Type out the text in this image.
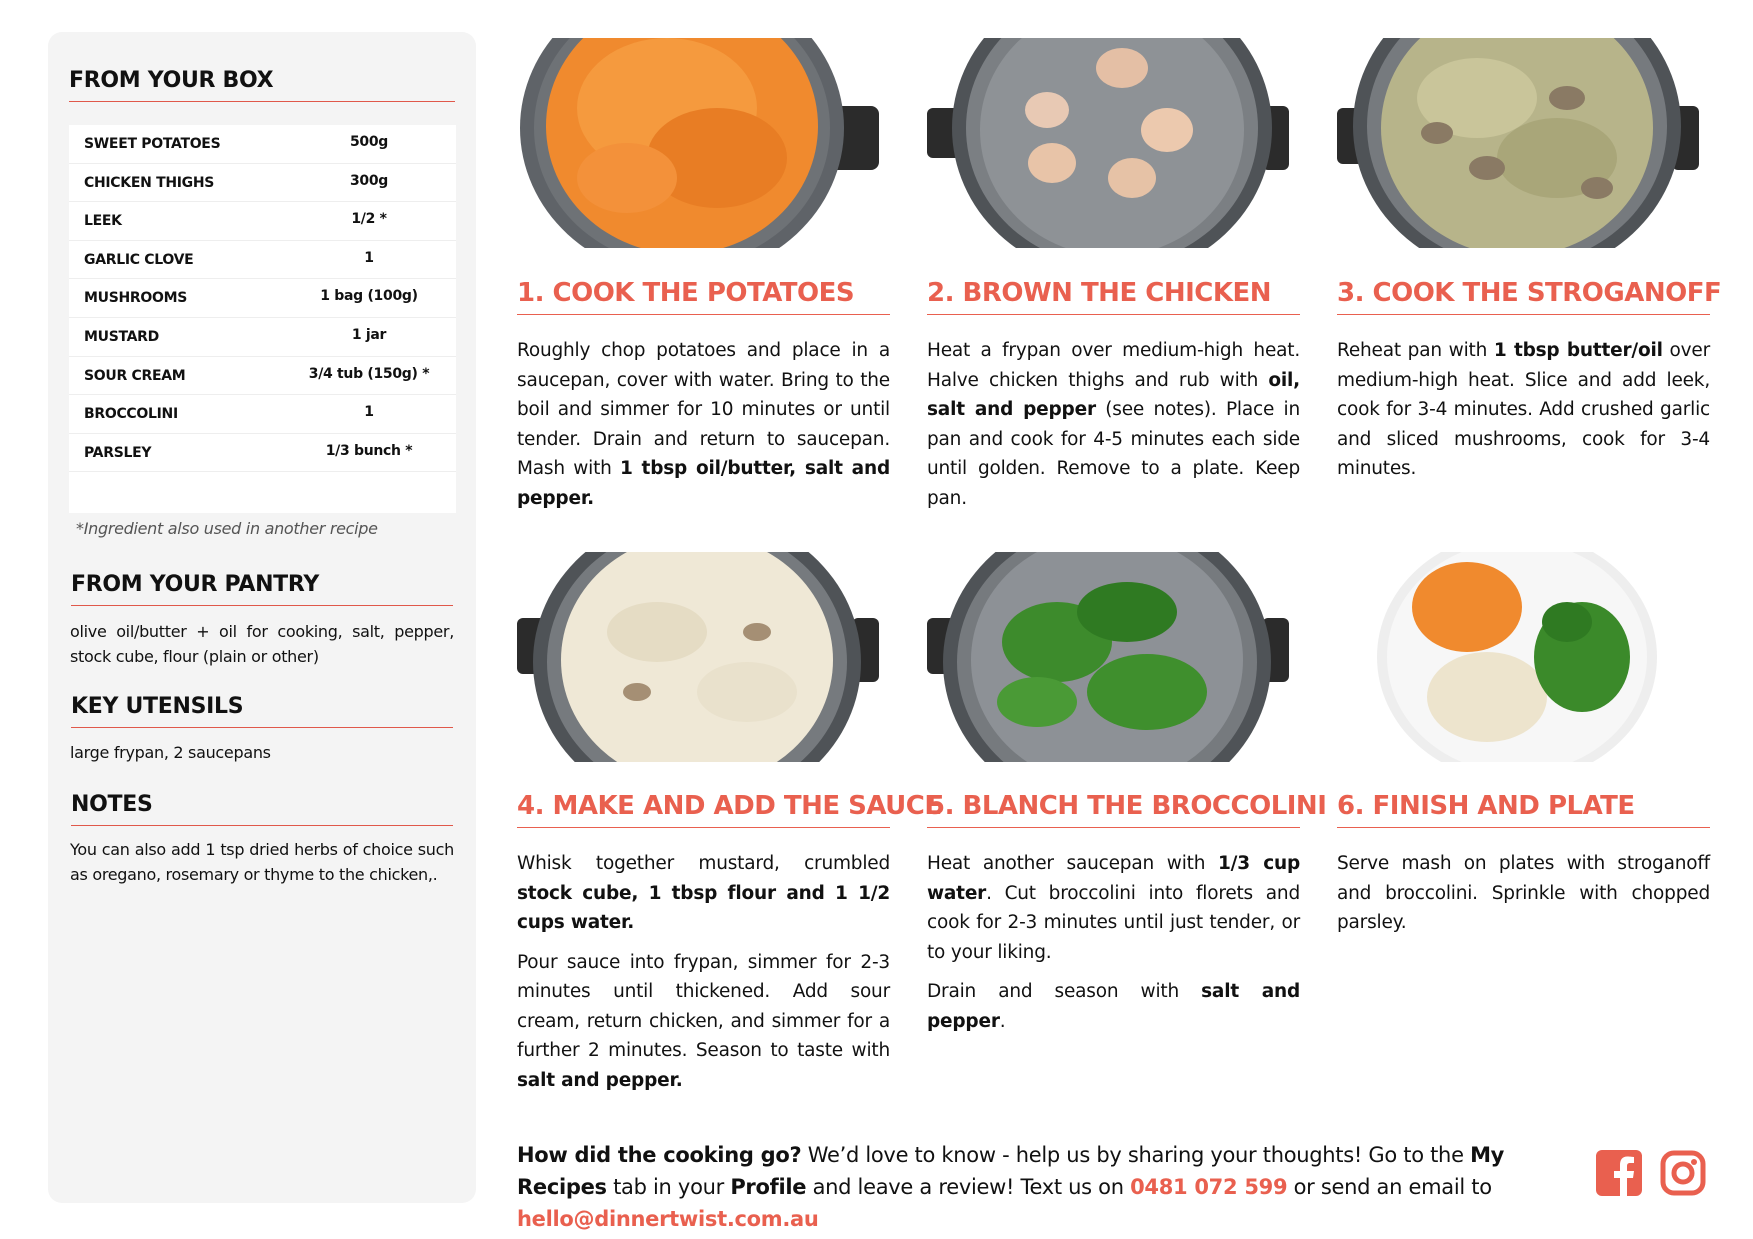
FROM YOUR BOX
SWEET POTATOES	500g
CHICKEN THIGHS	300g
LEEK	1/2 *
GARLIC CLOVE	1
MUSHROOMS	1 bag (100g)
MUSTARD	1 jar
SOUR CREAM	3/4 tub (150g) *
BROCCOLINI	1
PARSLEY	1/3 bunch *
*Ingredient also used in another recipe
FROM YOUR PANTRY
olive oil/butter + oil for cooking, salt, pepper, stock cube, flour (plain or other)
KEY UTENSILS
large frypan, 2 saucepans
NOTES
You can also add 1 tsp dried herbs of choice such as oregano, rosemary or thyme to the chicken,.
1. COOK THE POTATOES	2. BROWN THE CHICKEN	3. COOK THE STROGANOFF
4. MAKE AND ADD THE SAUCE
5. BLANCH THE BROCCOLINI 6. FINISH AND PLATE

Roughly chop potatoes and place in a saucepan, cover with water. Bring to the boil and simmer for 10 minutes or until tender. Drain and return to saucepan. Mash with 1 tbsp oil/butter, salt and pepper.

Heat a frypan over medium-high heat. Halve chicken thighs and rub with oil, salt and pepper (see notes). Place in pan and cook for 4-5 minutes each side until golden. Remove to a plate. Keep pan.

Reheat pan with 1 tbsp butter/oil over medium-high heat. Slice and add leek, cook for 3-4 minutes. Add crushed garlic and sliced mushrooms, cook for 3-4 minutes.

Whisk together mustard, crumbled stock cube, 1 tbsp flour and 1 1/2 cups water.

Pour sauce into frypan, simmer for 2-3 minutes until thickened. Add sour cream, return chicken, and simmer for a further 2 minutes. Season to taste with salt and pepper.

Heat another saucepan with 1/3 cup water. Cut broccolini into florets and cook for 2-3 minutes until just tender, or to your liking.

Drain and season with salt and pepper.

Serve mash on plates with stroganoff and broccolini. Sprinkle with chopped parsley.

How did the cooking go? We’d love to know - help us by sharing your thoughts! Go to the My Recipes tab in your Profile and leave a review! Text us on 0481 072 599 or send an email to hello@dinnertwist.com.au
